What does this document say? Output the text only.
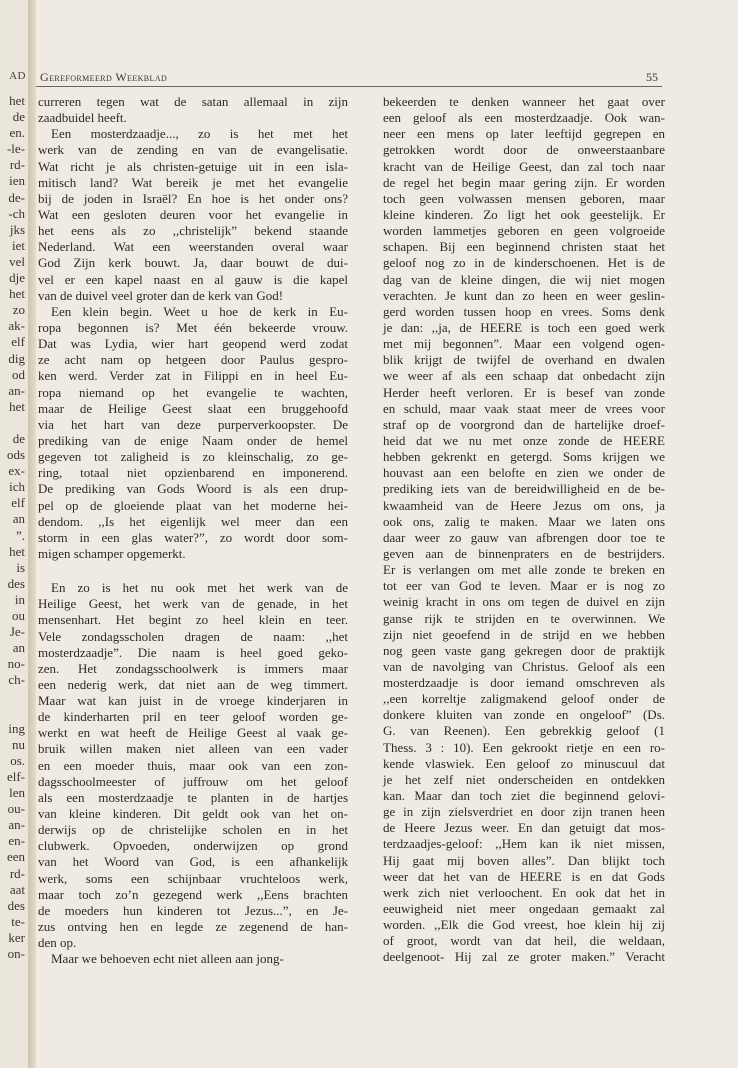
AD
het
de
en.
-le-
rd-
ien
de-
-ch
jks
iet
vel
dje
het
zo
ak-
elf
dig
od
an-
het
de
ods
ex-
ich
elf
an
”.
het
is
des
in
ou
Je-
an
no-
ch-
ing
nu
os.
elf-
len
ou-
an-
en-
een
rd-
aat
des
te-
ker
on-
Gereformeerd Weekblad	55
curreren tegen wat de satan allemaal in zijn
zaadbuidel heeft.
Een mosterdzaadje..., zo is het met het
werk van de zending en van de evangelisatie.
Wat richt je als christen-getuige uit in een isla-
mitisch land? Wat bereik je met het evangelie
bij de joden in Israël? En hoe is het onder ons?
Wat een gesloten deuren voor het evangelie in
het eens als zo ,,christelijk” bekend staande
Nederland. Wat een weerstanden overal waar
God Zijn kerk bouwt. Ja, daar bouwt de dui-
vel er een kapel naast en al gauw is die kapel
van de duivel veel groter dan de kerk van God!
Een klein begin. Weet u hoe de kerk in Eu-
ropa begonnen is? Met één bekeerde vrouw.
Dat was Lydia, wier hart geopend werd zodat
ze acht nam op hetgeen door Paulus gespro-
ken werd. Verder zat in Filippi en in heel Eu-
ropa niemand op het evangelie te wachten,
maar de Heilige Geest slaat een bruggehoofd
via het hart van deze purperverkoopster. De
prediking van de enige Naam onder de hemel
gegeven tot zaligheid is zo kleinschalig, zo ge-
ring, totaal niet opzienbarend en imponerend.
De prediking van Gods Woord is als een drup-
pel op de gloeiende plaat van het moderne hei-
dendom. ,,Is het eigenlijk wel meer dan een
storm in een glas water?”, zo wordt door som-
migen schamper opgemerkt.
En zo is het nu ook met het werk van de
Heilige Geest, het werk van de genade, in het
mensenhart. Het begint zo heel klein en teer.
Vele zondagsscholen dragen de naam: ,,het
mosterdzaadje”. Die naam is heel goed geko-
zen. Het zondagsschoolwerk is immers maar
een nederig werk, dat niet aan de weg timmert.
Maar wat kan juist in de vroege kinderjaren in
de kinderharten pril en teer geloof worden ge-
werkt en wat heeft de Heilige Geest al vaak ge-
bruik willen maken niet alleen van een vader
en een moeder thuis, maar ook van een zon-
dagsschoolmeester of juffrouw om het geloof
als een mosterdzaadje te planten in de hartjes
van kleine kinderen. Dit geldt ook van het on-
derwijs op de christelijke scholen en in het
clubwerk. Opvoeden, onderwijzen op grond
van het Woord van God, is een afhankelijk
werk, soms een schijnbaar vruchteloos werk,
maar toch zo’n gezegend werk ,,Eens brachten
de moeders hun kinderen tot Jezus...”, en Je-
zus ontving hen en legde ze zegenend de han-
den op.
Maar we behoeven echt niet alleen aan jong-
bekeerden te denken wanneer het gaat over
een geloof als een mosterdzaadje. Ook wan-
neer een mens op later leeftijd gegrepen en
getrokken wordt door de onweerstaanbare
kracht van de Heilige Geest, dan zal toch naar
de regel het begin maar gering zijn. Er worden
toch geen volwassen mensen geboren, maar
kleine kinderen. Zo ligt het ook geestelijk. Er
worden lammetjes geboren en geen volgroeide
schapen. Bij een beginnend christen staat het
geloof nog zo in de kinderschoenen. Het is de
dag van de kleine dingen, die wij niet mogen
verachten. Je kunt dan zo heen en weer geslin-
gerd worden tussen hoop en vrees. Soms denk
je dan: ,,ja, de HEERE is toch een goed werk
met mij begonnen”. Maar een volgend ogen-
blik krijgt de twijfel de overhand en dwalen
we weer af als een schaap dat onbedacht zijn
Herder heeft verloren. Er is besef van zonde
en schuld, maar vaak staat meer de vrees voor
straf op de voorgrond dan de hartelijke droef-
heid dat we nu met onze zonde de HEERE
hebben gekrenkt en getergd. Soms krijgen we
houvast aan een belofte en zien we onder de
prediking iets van de bereidwilligheid en de be-
kwaamheid van de Heere Jezus om ons, ja
ook ons, zalig te maken. Maar we laten ons
daar weer zo gauw van afbrengen door toe te
geven aan de binnenpraters en de bestrijders.
Er is verlangen om met alle zonde te breken en
tot eer van God te leven. Maar er is nog zo
weinig kracht in ons om tegen de duivel en zijn
ganse rijk te strijden en te overwinnen. We
zijn niet geoefend in de strijd en we hebben
nog geen vaste gang gekregen door de praktijk
van de navolging van Christus. Geloof als een
mosterdzaadje is door iemand omschreven als
,,een korreltje zaligmakend geloof onder de
donkere kluiten van zonde en ongeloof” (Ds.
G. van Reenen). Een gebrekkig geloof (1
Thess. 3 : 10). Een gekrookt rietje en een ro-
kende vlaswiek. Een geloof zo minuscuul dat
je het zelf niet onderscheiden en ontdekken
kan. Maar dan toch ziet die beginnend gelovi-
ge in zijn zielsverdriet en door zijn tranen heen
de Heere Jezus weer. En dan getuigt dat mos-
terdzaadjes-geloof: ,,Hem kan ik niet missen,
Hij gaat mij boven alles”. Dan blijkt toch
weer dat het van de HEERE is en dat Gods
werk zich niet verloochent. En ook dat het in
eeuwigheid niet meer ongedaan gemaakt zal
worden. ,,Elk die God vreest, hoe klein hij zij
of groot, wordt van dat heil, die weldaan,
deelgenoot- Hij zal ze groter maken.” Veracht
